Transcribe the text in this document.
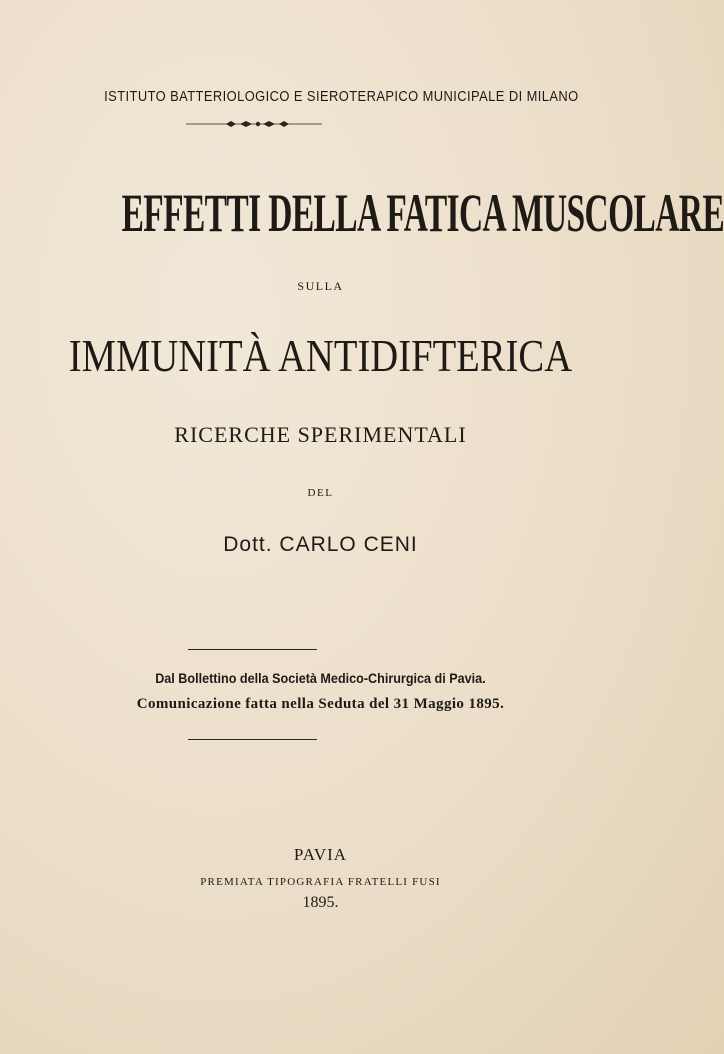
ISTITUTO BATTERIOLOGICO E SIEROTERAPICO MUNICIPALE DI MILANO
EFFETTI DELLA FATICA MUSCOLARE
SULLA
IMMUNITÀ ANTIDIFTERICA
RICERCHE SPERIMENTALI
DEL
Dott. CARLO CENI
Dal Bollettino della Società Medico-Chirurgica di Pavia.
Comunicazione fatta nella Seduta del 31 Maggio 1895.
PAVIA
PREMIATA TIPOGRAFIA FRATELLI FUSI
1895.
